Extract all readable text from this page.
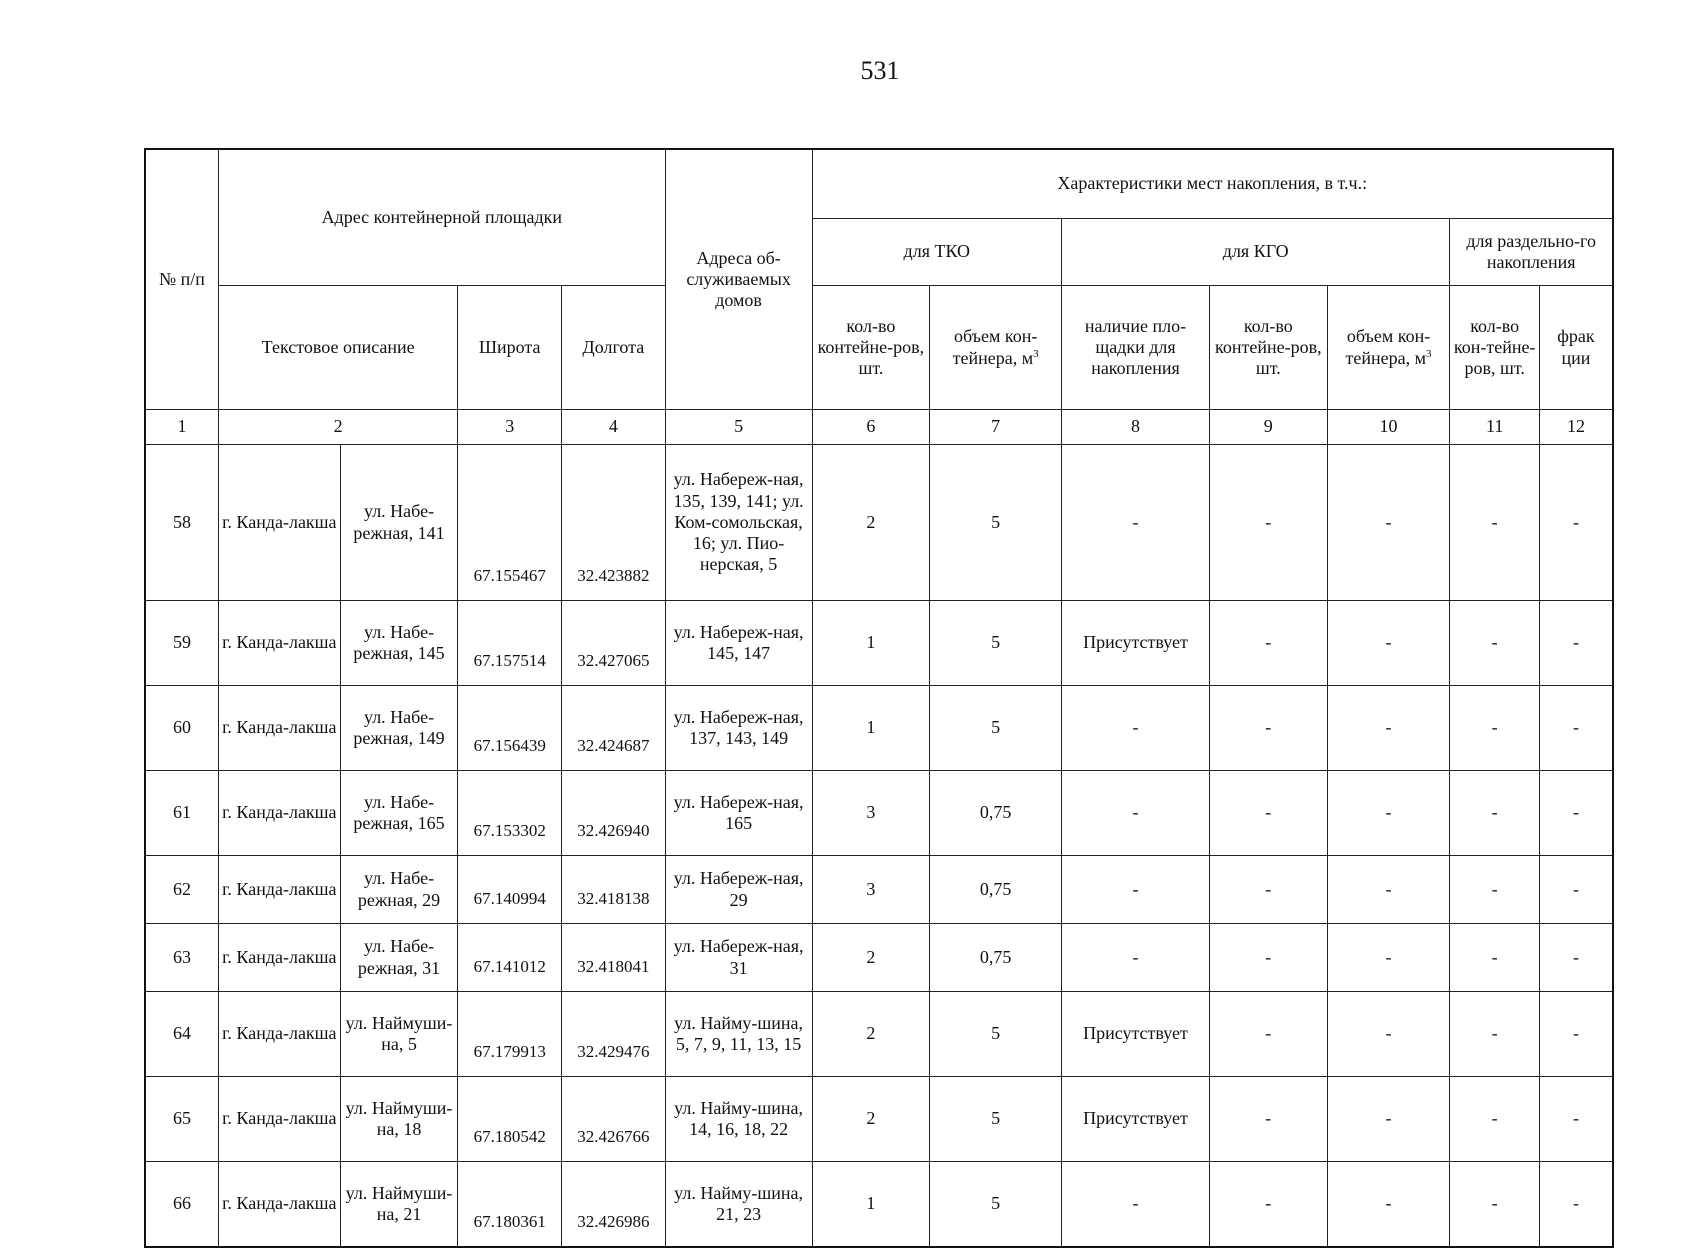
531
№ п/п	Адрес контейнерной площадки				Адреса об-служиваемых домов	Характеристики мест накопления, в т.ч.:						
						для ТКО		для КГО			для раздельно-го накопления	
						кол-во контейне-ров, шт.	объем кон-тейнера, $м^3$	наличие пло-щадки для накопления	кол-во контейне-ров, шт.	объем кон-тейнера, $м^3$	кол-во кон-тейне-ров, шт.	фрак ции
	Текстовое описание		Широта	Долгота								
1	2		3	4	5	6	7	8	9	10	11	12
58	г. Канда-лакша	ул. Набе-режная, 141	67.155467	32.423882	ул. Набереж-ная, 135, 139, 141; ул. Ком-сомольская, 16; ул. Пио-нерская, 5	2	5	-	-	-	-	-
59	г. Канда-лакша	ул. Набе-режная, 145	67.157514	32.427065	ул. Набереж-ная, 145, 147	1	5	Присутствует	-	-	-	-
60	г. Канда-лакша	ул. Набе-режная, 149	67.156439	32.424687	ул. Набереж-ная, 137, 143, 149	1	5	-	-	-	-	-
61	г. Канда-лакша	ул. Набе-режная, 165	67.153302	32.426940	ул. Набереж-ная, 165	3	0,75	-	-	-	-	-
62	г. Канда-лакша	ул. Набе-режная, 29	67.140994	32.418138	ул. Набереж-ная, 29	3	0,75	-	-	-	-	-
63	г. Канда-лакша	ул. Набе-режная, 31	67.141012	32.418041	ул. Набереж-ная, 31	2	0,75	-	-	-	-	-
64	г. Канда-лакша	ул. Наймуши-на, 5	67.179913	32.429476	ул. Найму-шина, 5, 7, 9, 11, 13, 15	2	5	Присутствует	-	-	-	-
65	г. Канда-лакша	ул. Наймуши-на, 18	67.180542	32.426766	ул. Найму-шина, 14, 16, 18, 22	2	5	Присутствует	-	-	-	-
66	г. Канда-лакша	ул. Наймуши-на, 21	67.180361	32.426986	ул. Найму-шина, 21, 23	1	5	-	-	-	-	-
